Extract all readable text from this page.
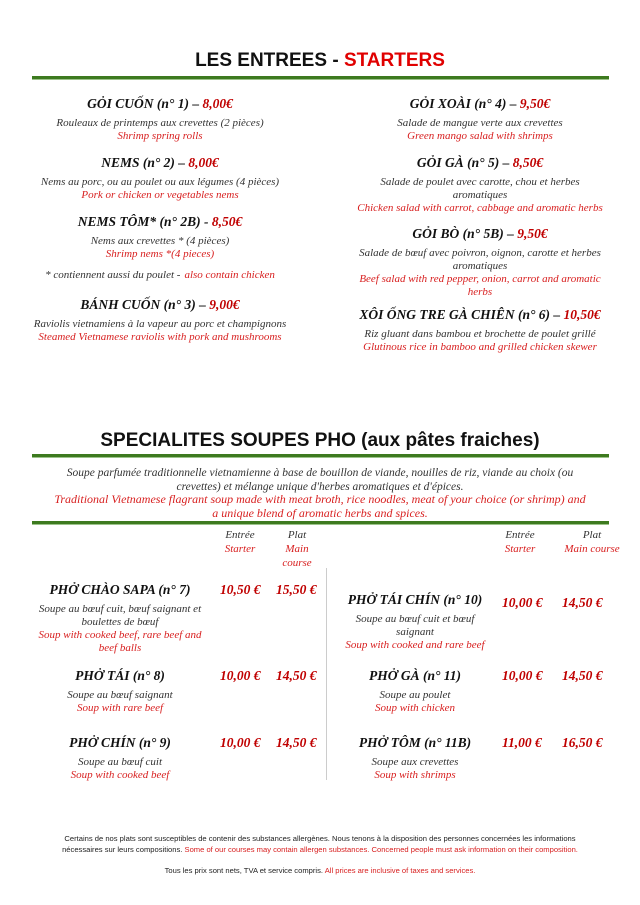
LES ENTREES - STARTERS
GỎI CUỐN (n° 1) – 8,00€
Rouleaux de printemps aux crevettes (2 pièces)
Shrimp spring rolls
NEMS (n° 2) – 8,00€
Nems au porc, ou au poulet ou aux légumes (4 pièces)
Pork or chicken or vegetables nems
NEMS TÔM* (n° 2B) - 8,50€
Nems aux crevettes * (4 pièces)
Shrimp nems *(4 pieces)
* contiennent aussi du poulet - also contain chicken
BÁNH CUỐN (n° 3) – 9,00€
Raviolis vietnamiens à la vapeur au porc et champignons
Steamed Vietnamese raviolis with pork and mushrooms
GỎI XOÀI (n° 4) – 9,50€
Salade de mangue verte aux crevettes
Green mango salad with shrimps
GỎI GÀ (n° 5) – 8,50€
Salade de poulet avec carotte, chou et herbes aromatiques
Chicken salad with carrot, cabbage and aromatic herbs
GỎI BÒ (n° 5B) – 9,50€
Salade de bœuf avec poivron, oignon, carotte et herbes aromatiques
Beef salad with red pepper, onion, carrot and aromatic herbs
XÔI ỐNG TRE GÀ CHIÊN (n° 6) – 10,50€
Riz gluant dans bambou et brochette de poulet grillé
Glutinous rice in bamboo and grilled chicken skewer
SPECIALITES SOUPES PHO (aux pâtes fraiches)
Soupe parfumée traditionnelle vietnamienne à base de bouillon de viande, nouilles de riz, viande au choix (ou crevettes) et mélange unique d'herbes aromatiques et d'épices.
Traditional Vietnamese flagrant soup made with meat broth, rice noodles, meat of your choice (or shrimp) and a unique blend of aromatic herbs and spices.
Entrée
Starter
Plat
Main course
Entrée
Starter
Plat
Main course
PHỞ CHÀO SAPA (n° 7)
Soupe au bœuf cuit, bœuf saignant et boulettes de bœuf
Soup with cooked beef, rare beef and beef balls
10,50 € 15,50 €
PHỞ TÁI (n° 8)
Soupe au bœuf saignant
Soup with rare beef
10,00 € 14,50 €
PHỞ CHÍN (n° 9)
Soupe au bœuf cuit
Soup with cooked beef
10,00 € 14,50 €
PHỞ TÁI CHÍN (n° 10)
Soupe au bœuf cuit et bœuf saignant
Soup with cooked and rare beef
10,00 € 14,50 €
PHỞ GÀ (n° 11)
Soupe au poulet
Soup with chicken
10,00 € 14,50 €
PHỞ TÔM (n° 11B)
Soupe aux crevettes
Soup with shrimps
11,00 € 16,50 €
Certains de nos plats sont susceptibles de contenir des substances allergènes. Nous tenons à la disposition des personnes concernées les informations nécessaires sur leurs compositions. Some of our courses may contain allergen substances. Concerned people must ask information on their composition.
Tous les prix sont nets, TVA et service compris. All prices are inclusive of taxes and services.
